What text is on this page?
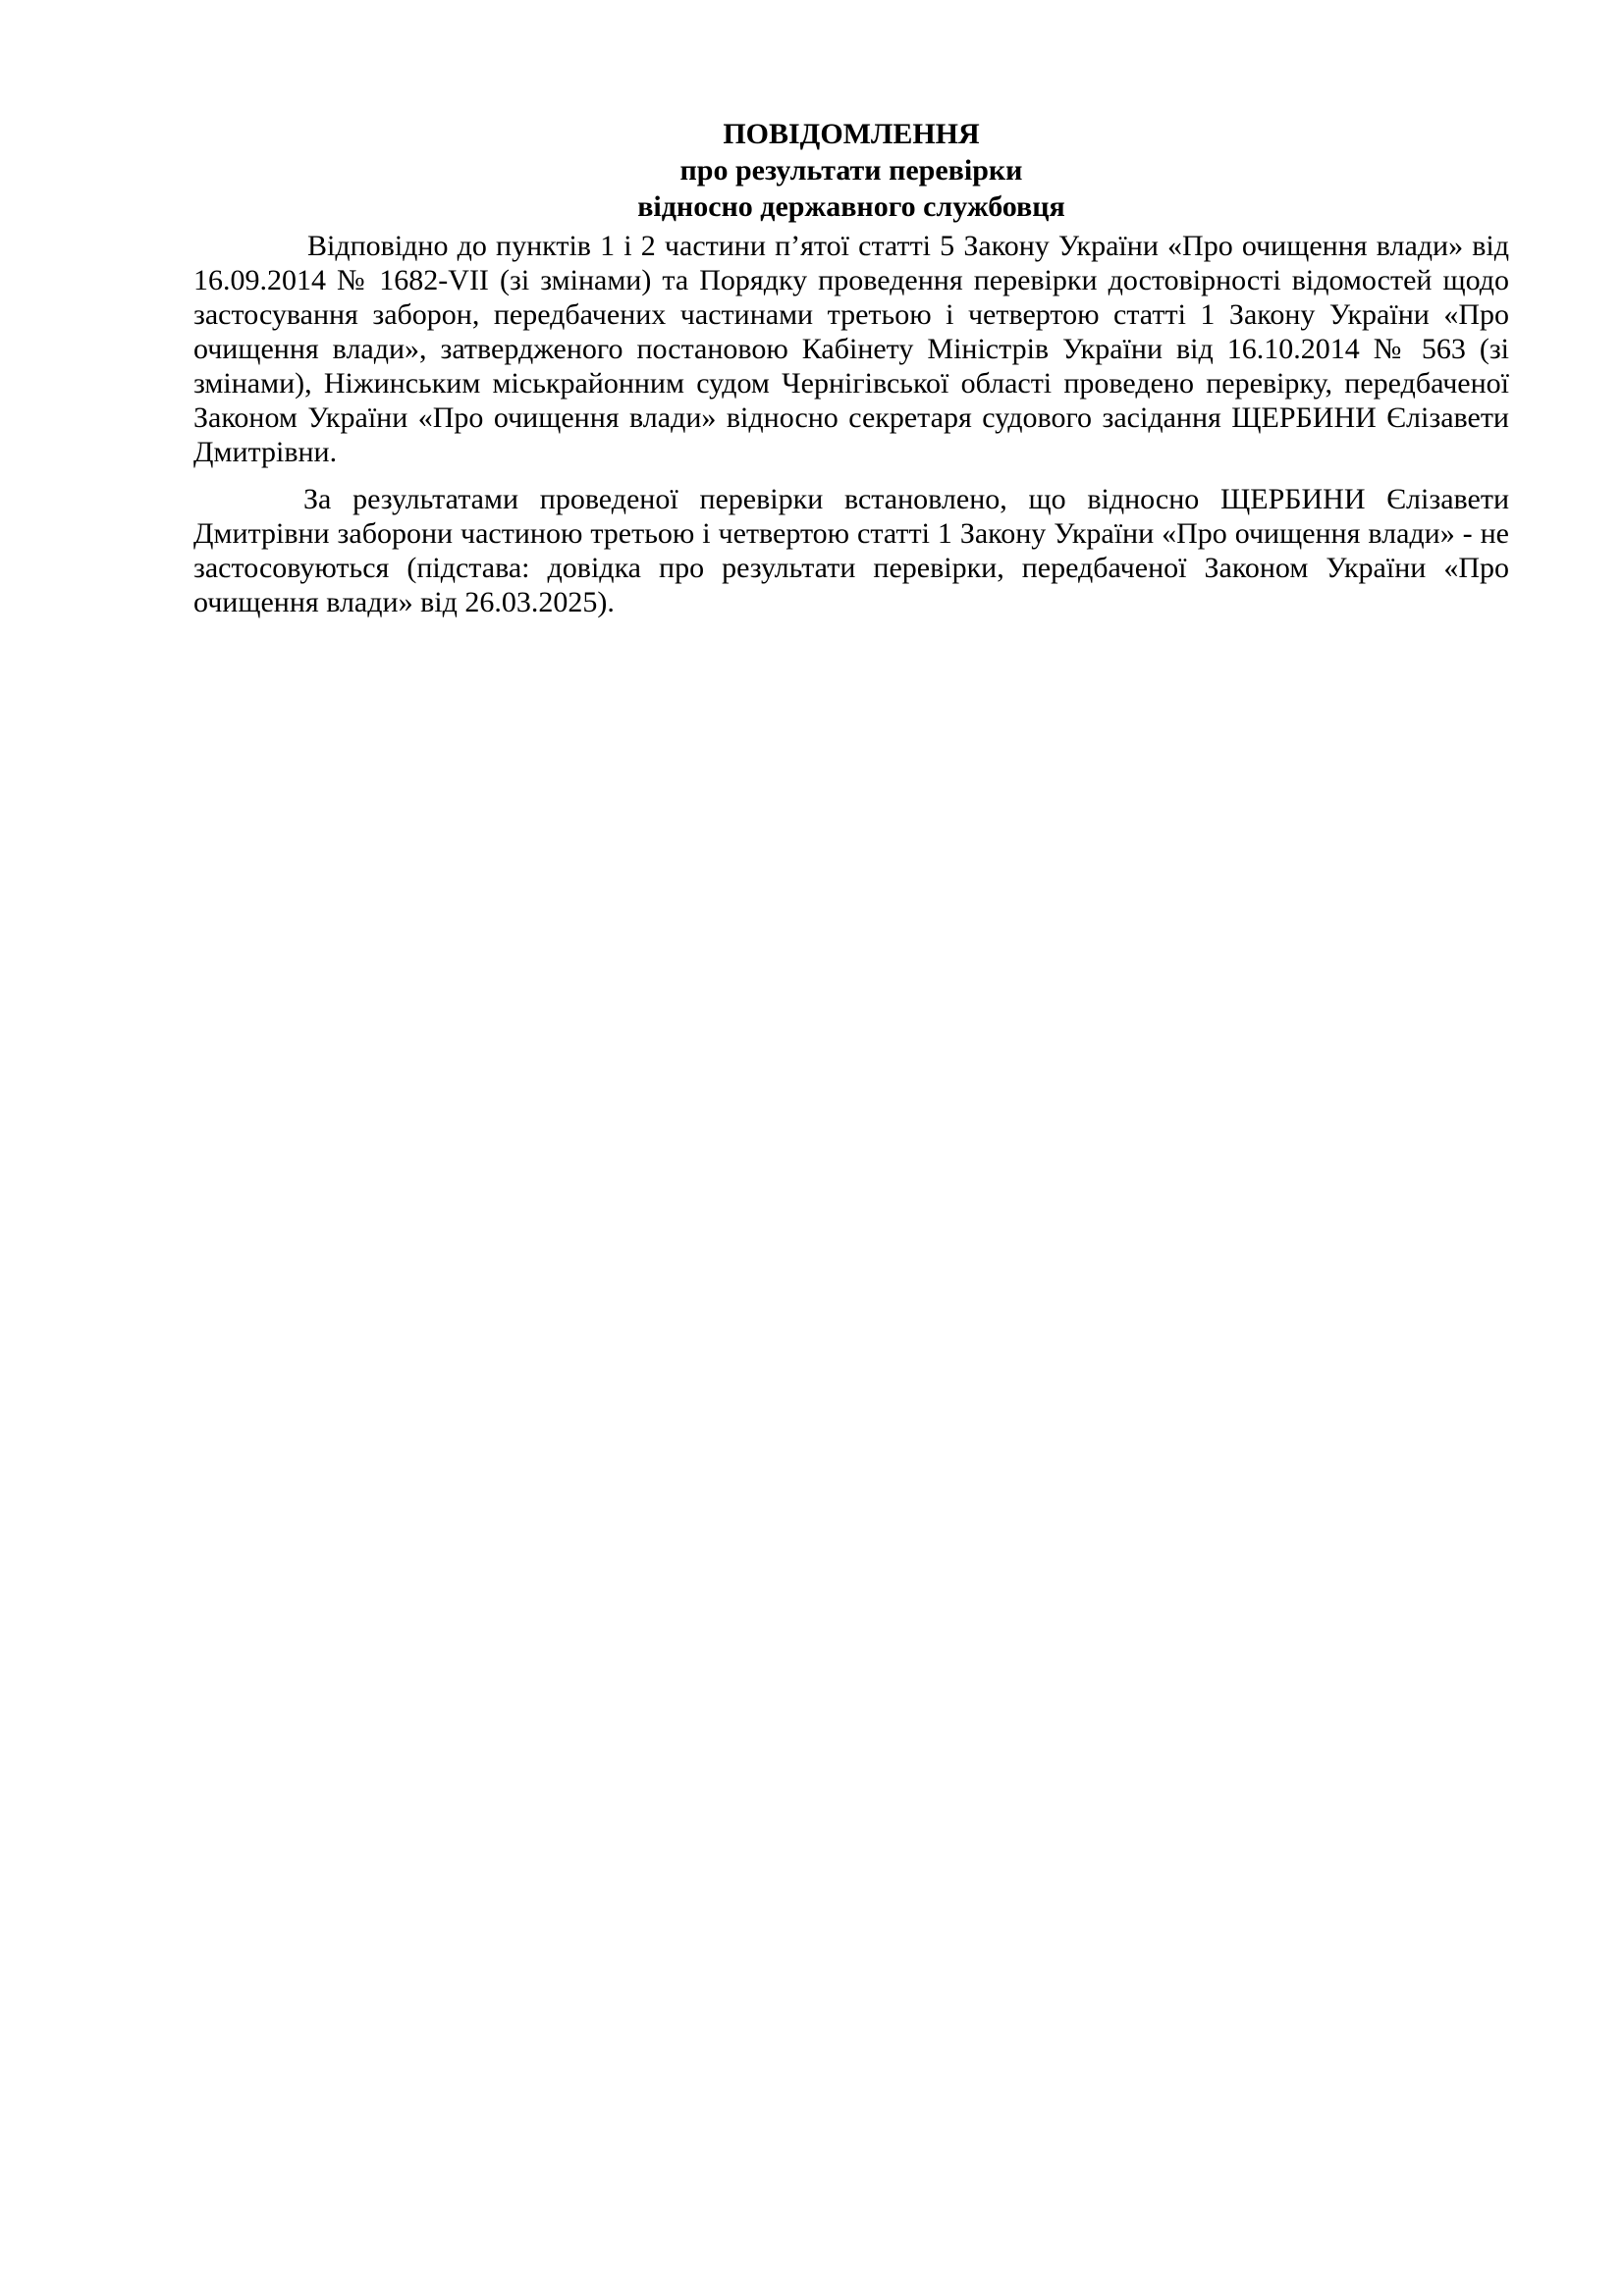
ПОВІДОМЛЕННЯ

про результати перевірки

відносно державного службовця

Відповідно до пунктів 1 і 2 частини п’ятої статті 5 Закону України «Про очищення влади» від 16.09.2014 № 1682-VII (зі змінами) та Порядку проведення перевірки достовірності відомостей щодо застосування заборон, передбачених частинами третьою і четвертою статті 1 Закону України «Про очищення влади», затвердженого постановою Кабінету Міністрів України від 16.10.2014 № 563 (зі змінами), Ніжинським міськрайонним судом Чернігівської області проведено перевірку, передбаченої Законом України «Про очищення влади» відносно секретаря судового засідання ЩЕРБИНИ Єлізавети Дмитрівни.

За результатами проведеної перевірки встановлено, що відносно ЩЕРБИНИ Єлізавети Дмитрівни заборони частиною третьою і четвертою статті 1 Закону України «Про очищення влади» - не застосовуються (підстава: довідка про результати перевірки, передбаченої Законом України «Про очищення влади» від 26.03.2025).
